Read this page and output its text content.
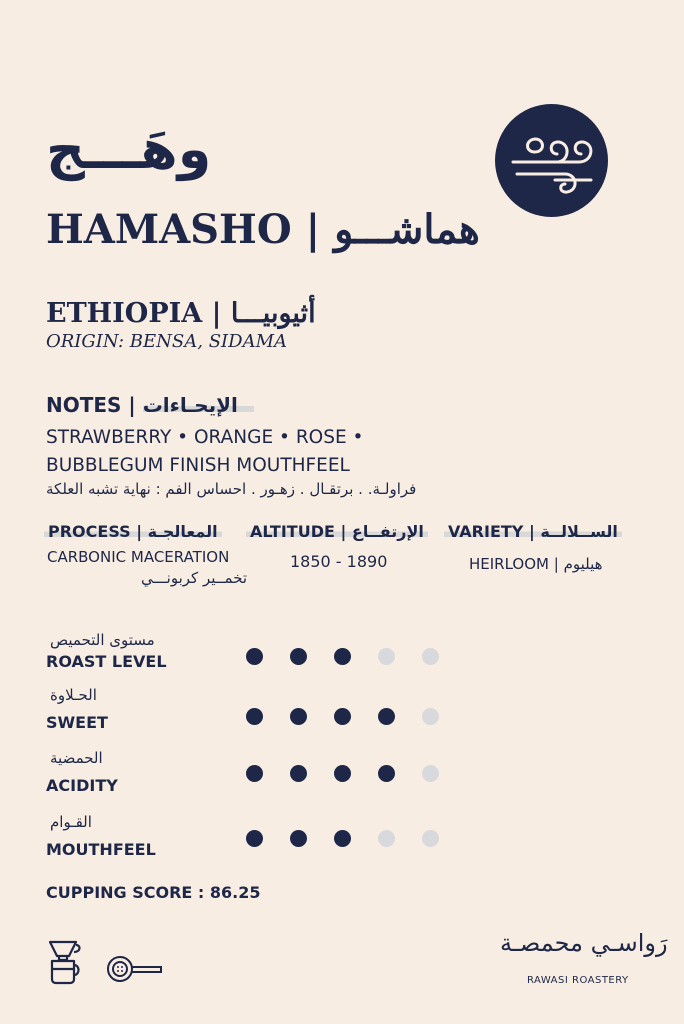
وهَـــج
HAMASHO | هماشـــو
ETHIOPIA | أثيوبيـــا
ORIGIN: BENSA, SIDAMA
NOTES | الإيحـاءات
STRAWBERRY • ORANGE • ROSE •
BUBBLEGUM FINISH MOUTHFEEL
فراولـة. . برتقـال . زهـور . احساس الفم : نهاية تشبه العلكة
PROCESS | المعالجـة
CARBONIC MACERATION
تخمــير كربونـــي
ALTITUDE | الإرتفــاع
1850 - 1890
VARIETY | الســلالــة
HEIRLOOM | هيليوم
مستوى التحميص
ROAST LEVEL
الحـلاوة
SWEET
الحمضية
ACIDITY
القـوام
MOUTHFEEL
CUPPING SCORE : 86.25
رَواسـي محمصـة
RAWASI ROASTERY
